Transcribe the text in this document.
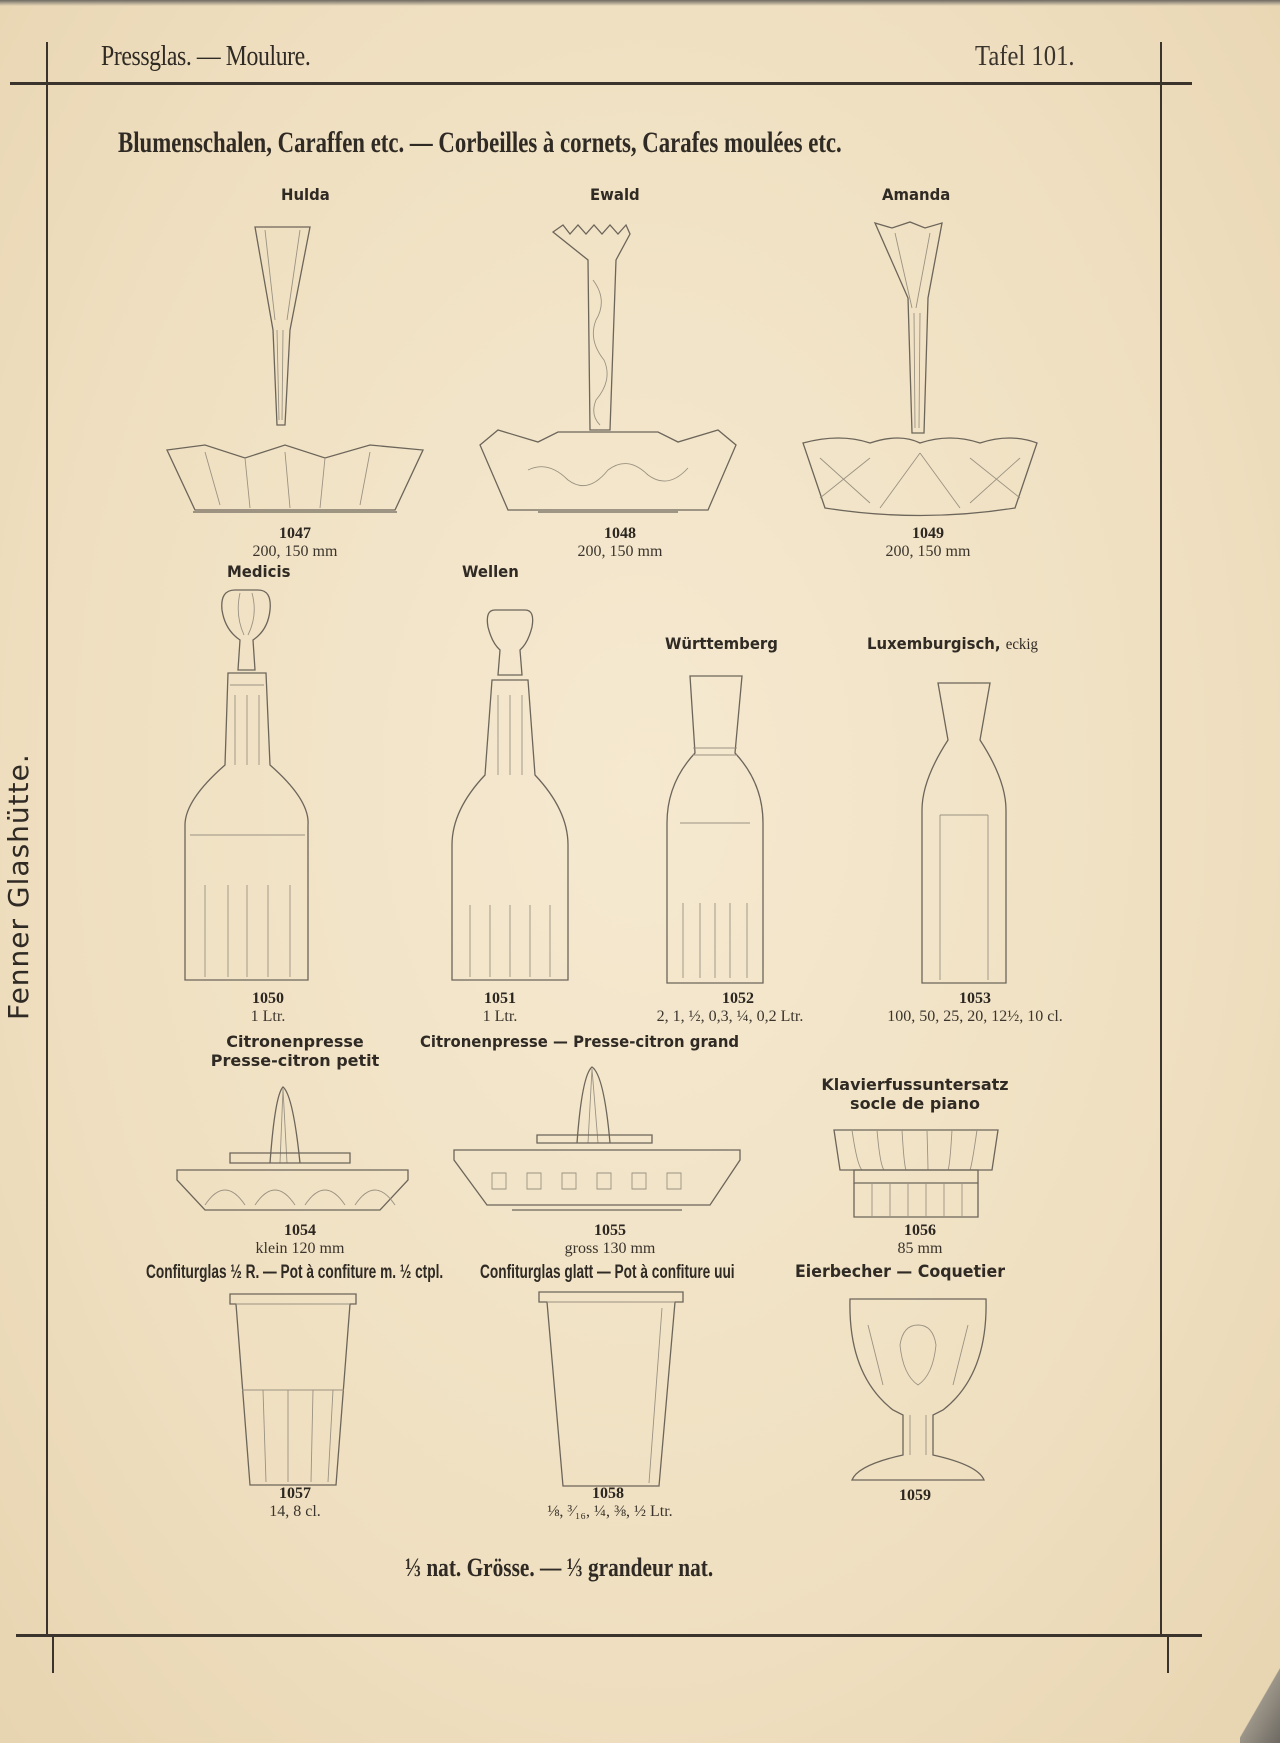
Pressglas. — Moulure.	Tafel 101.
Blumenschalen, Caraffen etc. — Corbeilles à cornets, Carafes moulées etc.
Fenner Glashütte.
Hulda	Ewald	Amanda
1047
200, 150 mm
1048
200, 150 mm
1049
200, 150 mm
Medicis	Wellen
Württemberg	Luxemburgisch, eckig
1050
1 Ltr.
1051
1 Ltr.
1052
2, 1, ½, 0,3, ¼, 0,2 Ltr.
1053
100, 50, 25, 20, 12½, 10 cl.
Citronenpresse
Presse-citron petit
Citronenpresse — Presse-citron grand
Klavierfussuntersatz
socle de piano
1054
klein 120 mm
1055
gross 130 mm
1056
85 mm
Confiturglas ½ R. — Pot à confiture m. ½ ctpl. Confiturglas glatt — Pot à confiture uui	Eierbecher — Coquetier
1057
14, 8 cl.
1058
⅛, ³⁄₁₆, ¼, ⅜, ½ Ltr.
1059
⅓ nat. Grösse. — ⅓ grandeur nat.
